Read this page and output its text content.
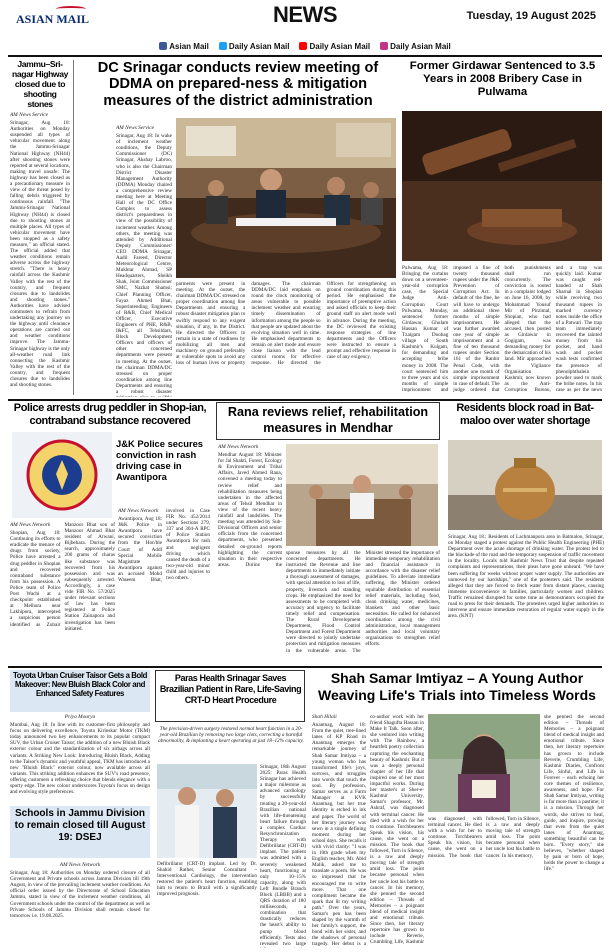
ASIAN MAIL	NEWS	Tuesday, 19 August 2025
Asian Mail	Daily Asian Mail	Daily Asian Mail	Daily Asian Mail
Jammu–Sri-nagar Highway closed due to shooting stones
AM News Service

Srinagar, Aug 18: Authorities on Monday suspended all types of vehicular movement along the Jammu-Srinagar National Highway (NH44) after shooting stones were reported at several locations, making travel unsafe. The highway has been closed as a precautionary measure in view of the threat posed by falling debris triggered by continuous rainfall. "The Jammu-Srinagar National Highway (NH44) is closed due to shooting stones at multiple places. All types of vehicular movement have been stopped as a safety measure," an official stated. The official added that weather conditions remain adverse across the highway stretch. "There is heavy rainfall across the Kashmir Valley with the rest of the country, and frequent closures due to landslides and shooting stones." Authorities have advised commuters to refrain from undertaking any journey on the highway until clearance operations are carried out and weather conditions improve. The Jammu-Srinagar highway is the only all-weather road link connecting the Kashmir Valley with the rest of the country, and frequent closures due to landslides and shooting stones.

DC Srinagar conducts review meeting of DDMA on prepared-ness & mitigation measures of the district administration
AM News Service

Srinagar, Aug 18: In wake of inclement weather conditions, the Deputy Commissioner (DC) Srinagar, Akshay Labroo, who is also the Chairman District Disaster Management Authority (DDMA) Monday chaired a comprehensive review meeting here at Meeting Hall of the DC Office Complex to assess district's preparedness in view of the possibility of inclement weather. Among others, the meeting was attended by Additional Deputy Commissioner/ CEO DDMA Srinagar, Aadil Fareed, Director Meteorological Centre, Mukhtar Ahmad, SP Headquarters, Sheikh Shah, Joint Commissioner SMC, Nazhat Shamsi; Chief Planning Officer, Fayaz Ahmed Bhat, Superintending Engineers of R&B, Chief Medical Officer, Executive Engineers of PHE, R&B, I&FC, all Tehsildars, Block Development Officers and officers of other concerned departments were present in meeting. At the outset, the chairman DDMA/DC stressed on proper coordination among line Departments and ensuring a robust disaster

parments were present in meeting. At the outset, the chairman DDMA/DC stressed on proper coordination among line Departments and ensuring a robust disaster mitigation plan to swiftly respond to any exigent situation, if any, in the District. He directed the Officers to remain in a state of readiness by mobilizing all men and machinery on ground preferably at vulnerable spots to avoid any loss of human lives or property damages. The chairman DDMA/DC laid emphasis on round the clock monitoring of areas vulnerable to possible inclement weather and ensuring timely dissemination of information among the people so that people are updated about the evolving situation well in time. He emphasised departments to remain on alert mode and ensure close liaison with the lead control rooms for effective response. He directed the Officers for strengthening on ground coordination during this period. He emphasised the importance of preemptive action and asked officials to keep their ground staff on alert mode well in advance. During the meeting, the DC reviewed the existing response strategies of line departments and the Officers were instructed to ensure a prompt and effective response in case of any exigency.

Former Girdawar Sentenced to 3.5 Years in 2008 Bribery Case in Pulwama

Pulwama, Aug 18: Bringing the curtains down on a seventeen-year-old corruption case, the Special Judge Anti-Corruption Court Pulwama, Monday, sentenced former Girdawar, Ghulam Hassan Kumar of Tzaigam Doobag village of South Kashmir's Kulgam, for demanding and accepting bribe money in 2008. The court sentenced him to three years and six months of simple imprisonment and imposed a fine of twenty thousand rupees under the J&K Prevention of Corruption Act. In default of the fine, he will have to undergo an additional three months of simple imprisonment. He was further awarded one year of simple imprisonment and a fine of ten thousand rupees under Section 161 of the Ranbir Penal Code, with another one month of simple imprisonment in case of default. The judge ordered that both punishments shall run concurrently. The conviction is rooted in a complaint lodged on June 16, 2008, by Mohammad Yousuf Mir of Pirzimal, Shopian, who had alleged that the accused, then posted as Girdawar in Gogigam, was demanding money for the demarcation of his land. Mir approached the Vigilance Organisation Kashmir, now known as the Anti-Corruption Bureau, and a trap was quickly laid. Kumar was caught red-handed at Shah Sharnal in Shopian while receiving two thousand rupees in marked currency notes inside the office of a Patwari. The trap team immediately recovered the tainted money from his pocket, and hand wash and pocket wash tests confirmed the presence of phenolphthalein powder used to mark the bribe notes. In his case as per the news

Police arrests drug peddler in Shop-ian, contraband substance recovered
J&K Police secures conviction in rash driving case in Awantipora
AM News Network

Shopian, Aug 18: Continuing its efforts to eradicate the menace of drugs from society, Police have arrested a drug peddler in Shopian and recovered contraband substance from his possession. A Police team of Police Post Wachi at a checkpoint established at Melhura near Lakhipora, intercepted a suspicious person identified as Zubair Manzoor Bhat son of Manzoor Ahmad Bhat resident of Arwani, Bijbehara. During the search, approximately 200 grams of charas like substance was recovered from his possession and was subsequently arrested. Accordingly, a case vide FIR No. 57/2025 under relevant sections of law has been registered at Police Station Zainapora and investigation has been initiated.

AM News Network

Awantipora, Aug 18: J&K Police in Awantipora have secured conviction from the Hon'ble Court of Addl Special Mobile Magistrate Awantipora against an accused Mohd Waseem Bhat, involved in Case FIR No. 452/2014 under Sections 279, 337 and 304-A RPC of Police Station Awantipora for rash and negligent driving which caused the death of a two-year-old minor child and injuries to two others.

Rana reviews relief, rehabilitation measures in Mendhar
AM News Network

Mendhar August 18: Minister for Jal Shakti, Forest, Ecology & Environment and Tribal Affairs, Javed Ahmed Rana, convened a meeting today to review relief and rehabilitation measures being undertaken in the affected areas of Tehsil Mendhar in view of the recent heavy rainfall and landslides. The meeting was attended by Sub-Divisional Officers and senior officials from the concerned departments, who presented detailed on-ground reports highlighting the current situation in their respective areas. During the

sponse measures by all the concerned departments. He instructed the Revenue and line departments to immediately initiate a thorough assessment of damages, with special attention to loss of life, property, livestock and standing crops. He emphasized the need for assessments to be completed with accuracy and urgency to facilitate timely relief and compensation. The Rural Development Department, Flood Control Department and Forest Department were directed to jointly undertake protection and mitigation measures in the vulnerable areas. The Minister stressed the importance of immediate temporary rehabilitation and financial assistance in accordance with the disaster relief guidelines. To alleviate immediate suffering, the Minister ordered equitable distribution of essential relief materials, including food, clean drinking water, medicines, blankets and other basic necessities. He called for enhanced coordination among the civil administration, local management authorities and local voluntary organisations to strengthen relief efforts.

Residents block road in Bat-maloo over water shortage

Srinagar, Aug 18.: Residents of Lachmanpora area in Batmaloo, Srinagar, on Monday staged a protest against the Public Health Engineering (PHE) Department over the acute shortage of drinking water. The protest led to the blockade of the road and the temporary suspension of traffic movement in the locality. Locals told Kashmir News Trust that despite repeated complaints and representations, their pleas have gone unheard. "We have been suffering for weeks without proper water supply. The authorities are unmoved by our hardships," one of the protesters said. The residents alleged that they are forced to fetch water from distant places, causing immense inconvenience to families, particularly women and children. Traffic remained disrupted for some time as demonstrators occupied the road to press for their demands. The protesters urged higher authorities to intervene and ensure immediate restoration of regular water supply in the area. (KNT)

Toyota Urban Cruiser Taisor Gets a Bold Makeover: New Bluish Black Color and Enhanced Safety Features
Priya Mourya

Mumbai, Aug 18: In line with its customer-first philosophy and focus on delivering excellence, Toyota Kirloskar Motor (TKM) today announced two key enhancements to its popular compact SUV, the Urban Cruiser Taisor; the addition of a new Bluish Black exterior colour and the standardization of six airbags across all variants. A Striking New Look: Introducing Bluish Black, Adding to the Taisor's dynamic and youthful appeal, TKM has introduced a new "Bluish Black" exterior colour, now available across all variants. This striking addition enhances the SUV's road presence, offering customers a refreshing choice that blends elegance with a sporty edge. The new colour underscores Toyota's focus on design and evolving style preferences.

Schools in Jammu Division to remain closed till August 19: DSEJ
AM News Network

Srinagar, Aug 18: Authorities on Monday ordered closure of all Government and Private schools across Jammu Division till 19th August, in view of the prevailing inclement weather conditions. An official order issued by the Directorate of School Education Jammu, stated in view of the inclement weather conditions, all Government schools under the control of the department as well as Private Schools of Jammu Division shall remain closed for tomorrow i.e. 19.08.2025.

Paras Health Srinagar Saves Brazilian Patient in Rare, Life-Saving CRT-D Heart Procedure
The precision-driven surgery restored normal heart function in a 20-year-old Brazilian by removing two large clots, correcting a harmful abnormality, & implanting a heart operating at just 18–12% capacity.
Defibrillator (CRT-D) implant. Led by Dr. Shahid Rather, Senior Consultant – Interventional Cardiology, the intervention restored the patient's heart function, enabling him to return to Brazil with a significantly improved prognosis.

Srinagar, 18th August 2025: Paras Health Srinagar has achieved a major milestone as advanced cardiology by successfully treating a 20-year-old Brazilian national with life-threatening heart failure through a complex Cardiac Resynchronization Therapy with Defibrillator (CRT-D) implant. The patient was admitted with a severely weakened heart, functioning at only 10–15% capacity, along with Left Bundle Branch Block (LBBB) and a QRS duration of 180 milliseconds, a combination that drastically reduces the heart's ability to pump blood efficiently. Tests also revealed two large

Shah Samar Imtiyaz – A Young Author Weaving Life's Trials into Timeless Words
Shah Hilali

Anantnag, August 18: From the quiet, tree-lined lanes of KP Road in Anantnag emerges the remarkable journey of Shah Samar Imtiyaz – a young woman who has transformed life's joys, sorrows, and struggles into words that touch the soul. By profession, Samar serves as a Farm Manager at KVK Anantnag, but her true identity is etched in ink and paper. The world of her literary journey was sewn in a single defining moment during her school days. She recalls it with vivid clarity: "I was in 10th grade when my English teacher, Mr. Abid Malik, asked me to translate a poem. He was so impressed that he encouraged me to write more. That one compliment became the spark that lit my writing path." Over the years, Samar's pen has been shaped by the warmth of her family's support, the bond with her sister, and the shadows of personal tragedy. Her debut is a co-author work with her friend Shagufta Hassan in Make It Talk. Soon after, she ventured into writing with The Rainbow, a heartfelt poetry collection capturing the enchanting beauty of Kashmir. But it was a deeply personal chapter of her life that inspired one of her most impactful works. During her master's at Sher-e-Kashmir University, Samar's professor, Mr. Ashraf, was diagnosed with terminal cancer. He died with a wish for her to continue. Torchbearers Speak his vision, his cause, she went on a mission. The book that followed, Torn in Silence, is a raw and deeply moving tale of strength amid loss. The point became personal when her uncle lost his battle to cancer. In his memory, she penned the second edition – Threads of Memories – a poignant blend of medical insight and emotional tribute. Since then, her literary repertoire has grown to include Reverie, Crumbling Life, Kashmir

was diagnosed with terminal cancer. He died with a wish for her to continue. Torchbearers Speak his vision, his cause, she went on a mission. The book that followed, Torn in Silence, is a raw and deeply moving tale of strength amid loss. The point became personal when her uncle lost his battle to cancer. In his memory,

she penned the second edition – Threads of Memories – a poignant blend of medical insight and emotional tribute. Since then, her literary repertoire has grown to include Reverie, Crumbling Life, Kashmir Diaries, Confront Life, Sinful, and Life in Forever – each echoing her core themes of resilience, awareness, and hope. For Shah Samar Imtiyaz, writing is far more than a pastime; it is a mission. Through her words, she strives to heal, guide, and inspire, proving that even from the quiet lanes of Anantnag, something beautiful can be born. "Every story," she believes, "whether shaped by pain or born of hope, holds the power to change a life."
